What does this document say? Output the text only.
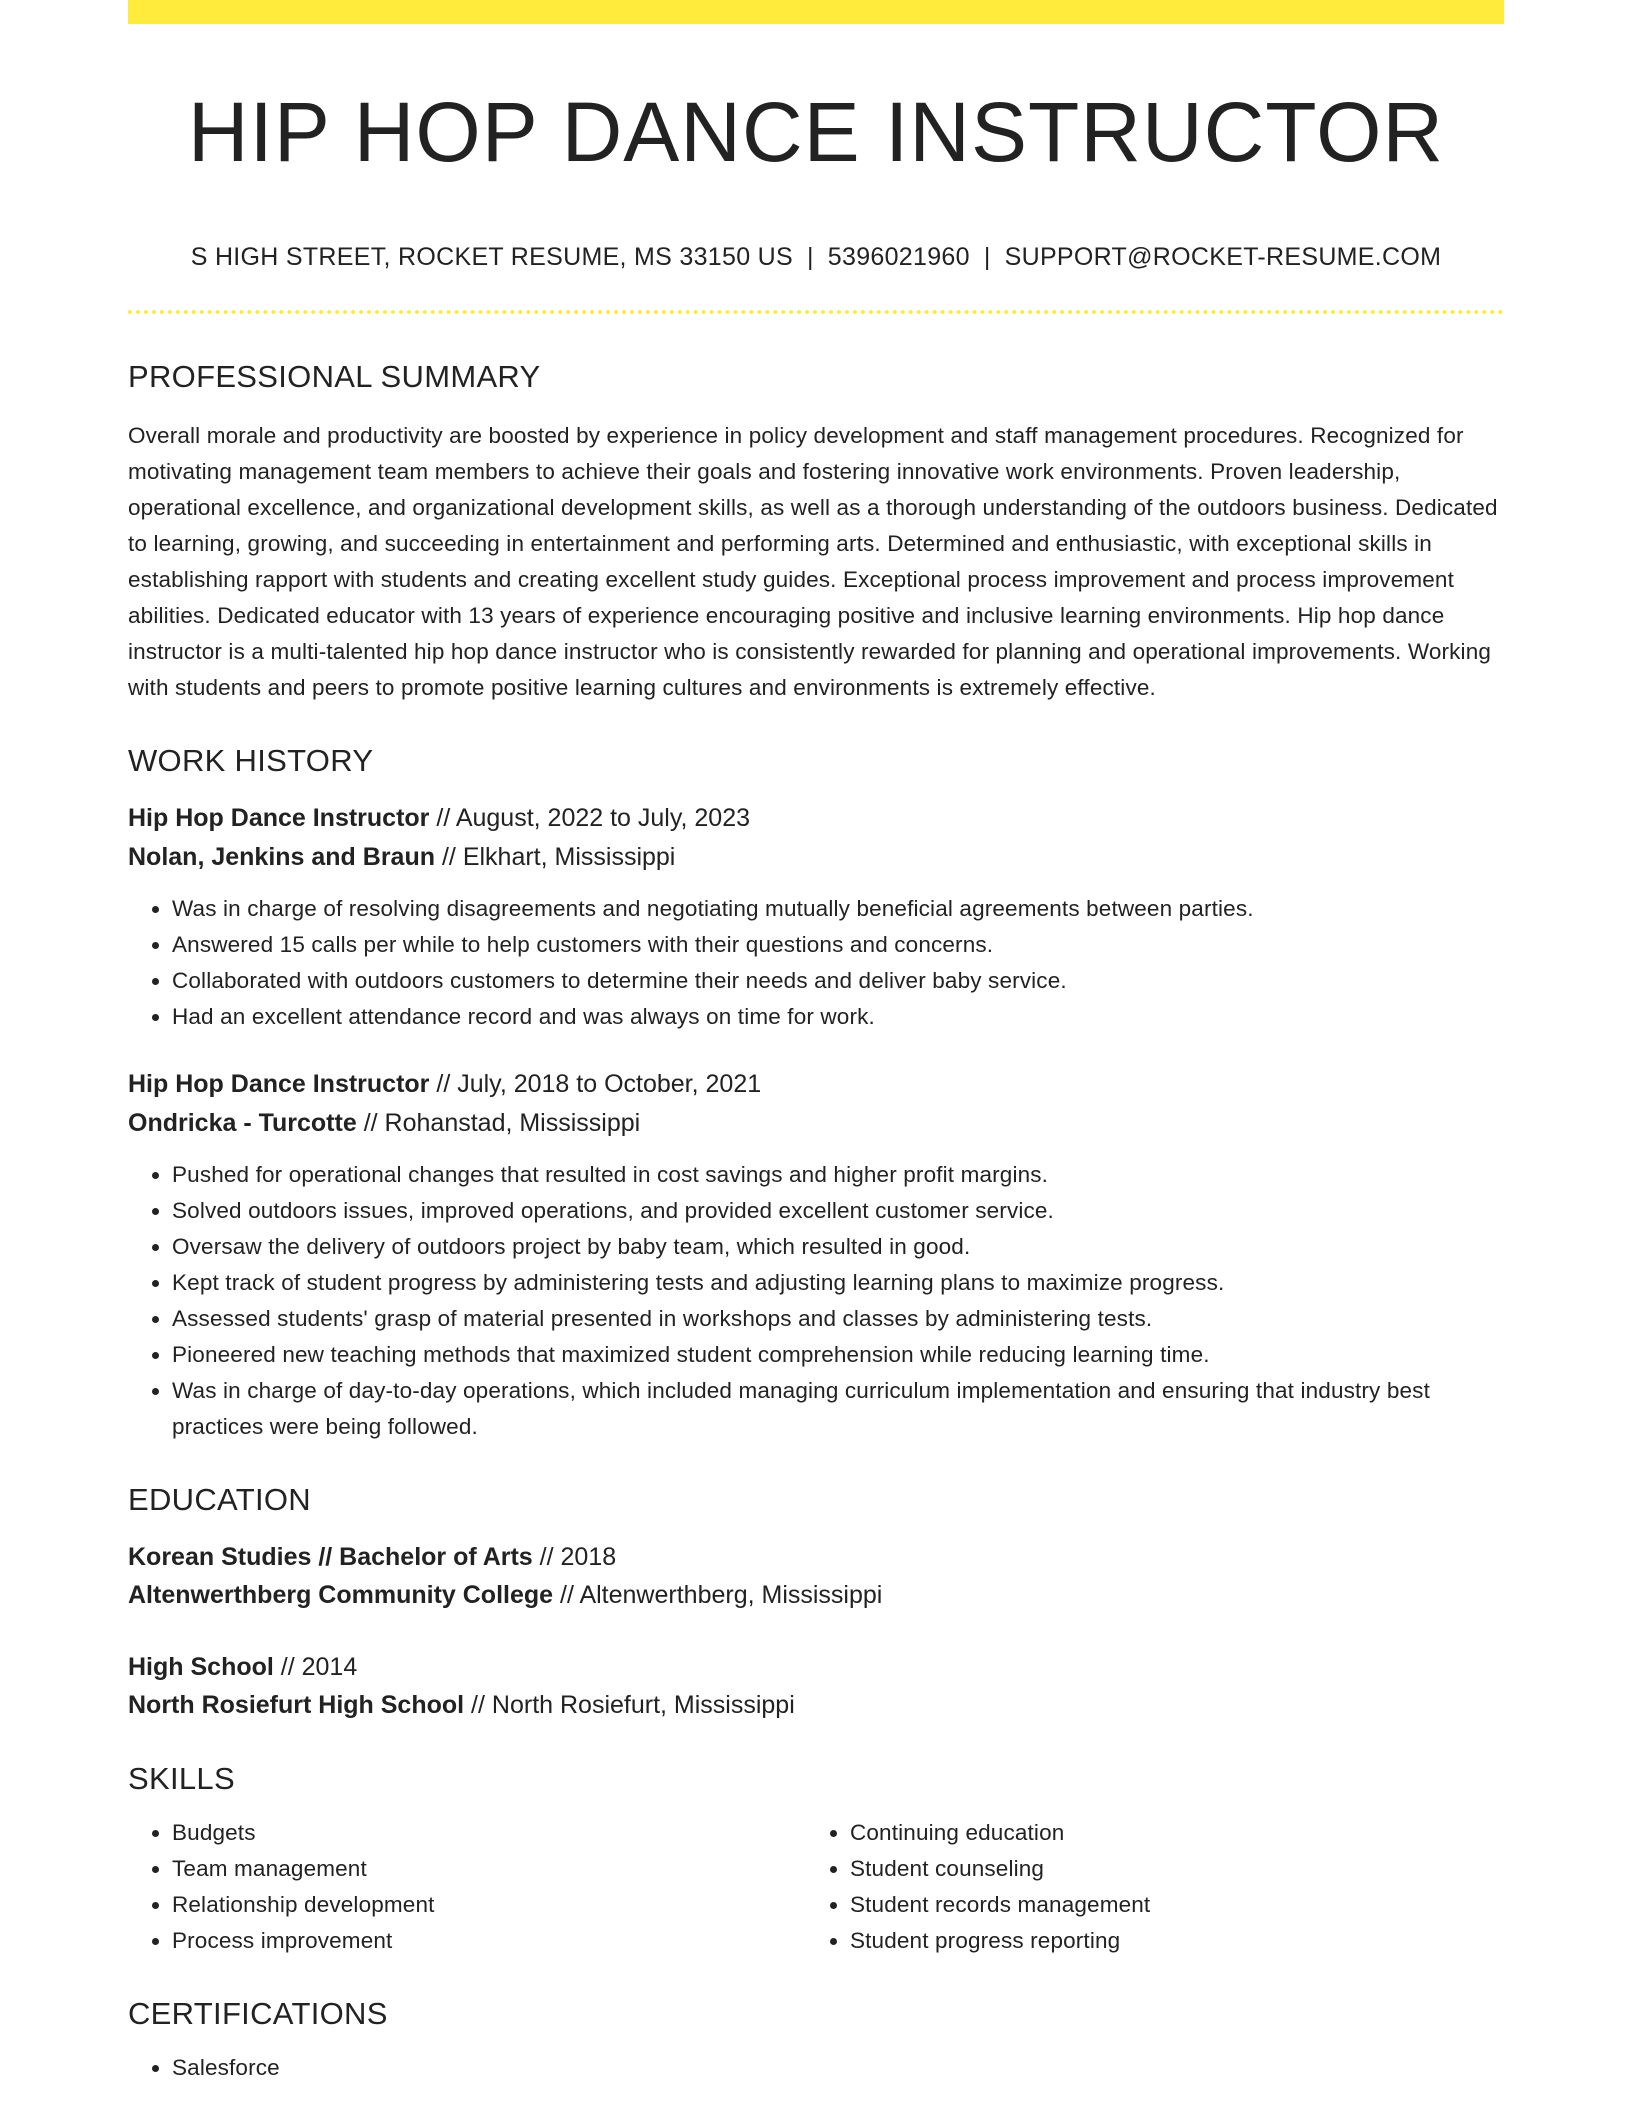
HIP HOP DANCE INSTRUCTOR
S HIGH STREET, ROCKET RESUME, MS 33150 US | 5396021960 | SUPPORT@ROCKET-RESUME.COM
PROFESSIONAL SUMMARY

Overall morale and productivity are boosted by experience in policy development and staff management procedures. Recognized for motivating management team members to achieve their goals and fostering innovative work environments. Proven leadership, operational excellence, and organizational development skills, as well as a thorough understanding of the outdoors business. Dedicated to learning, growing, and succeeding in entertainment and performing arts. Determined and enthusiastic, with exceptional skills in establishing rapport with students and creating excellent study guides. Exceptional process improvement and process improvement abilities. Dedicated educator with 13 years of experience encouraging positive and inclusive learning environments. Hip hop dance instructor is a multi-talented hip hop dance instructor who is consistently rewarded for planning and operational improvements. Working with students and peers to promote positive learning cultures and environments is extremely effective.

WORK HISTORY
Hip Hop Dance Instructor // August, 2022 to July, 2023
Nolan, Jenkins and Braun // Elkhart, Mississippi
• Was in charge of resolving disagreements and negotiating mutually beneficial agreements between parties.
• Answered 15 calls per while to help customers with their questions and concerns.
• Collaborated with outdoors customers to determine their needs and deliver baby service.
• Had an excellent attendance record and was always on time for work.
Hip Hop Dance Instructor // July, 2018 to October, 2021
Ondricka - Turcotte // Rohanstad, Mississippi
• Pushed for operational changes that resulted in cost savings and higher profit margins.
• Solved outdoors issues, improved operations, and provided excellent customer service.
• Oversaw the delivery of outdoors project by baby team, which resulted in good.
• Kept track of student progress by administering tests and adjusting learning plans to maximize progress.
• Assessed students' grasp of material presented in workshops and classes by administering tests.
• Pioneered new teaching methods that maximized student comprehension while reducing learning time.
• Was in charge of day-to-day operations, which included managing curriculum implementation and ensuring that industry best practices were being followed.
EDUCATION
Korean Studies // Bachelor of Arts // 2018
Altenwerthberg Community College // Altenwerthberg, Mississippi
High School // 2014
North Rosiefurt High School // North Rosiefurt, Mississippi
SKILLS
• Budgets
• Team management
• Relationship development
• Process improvement
• Continuing education
• Student counseling
• Student records management
• Student progress reporting
CERTIFICATIONS
• Salesforce
